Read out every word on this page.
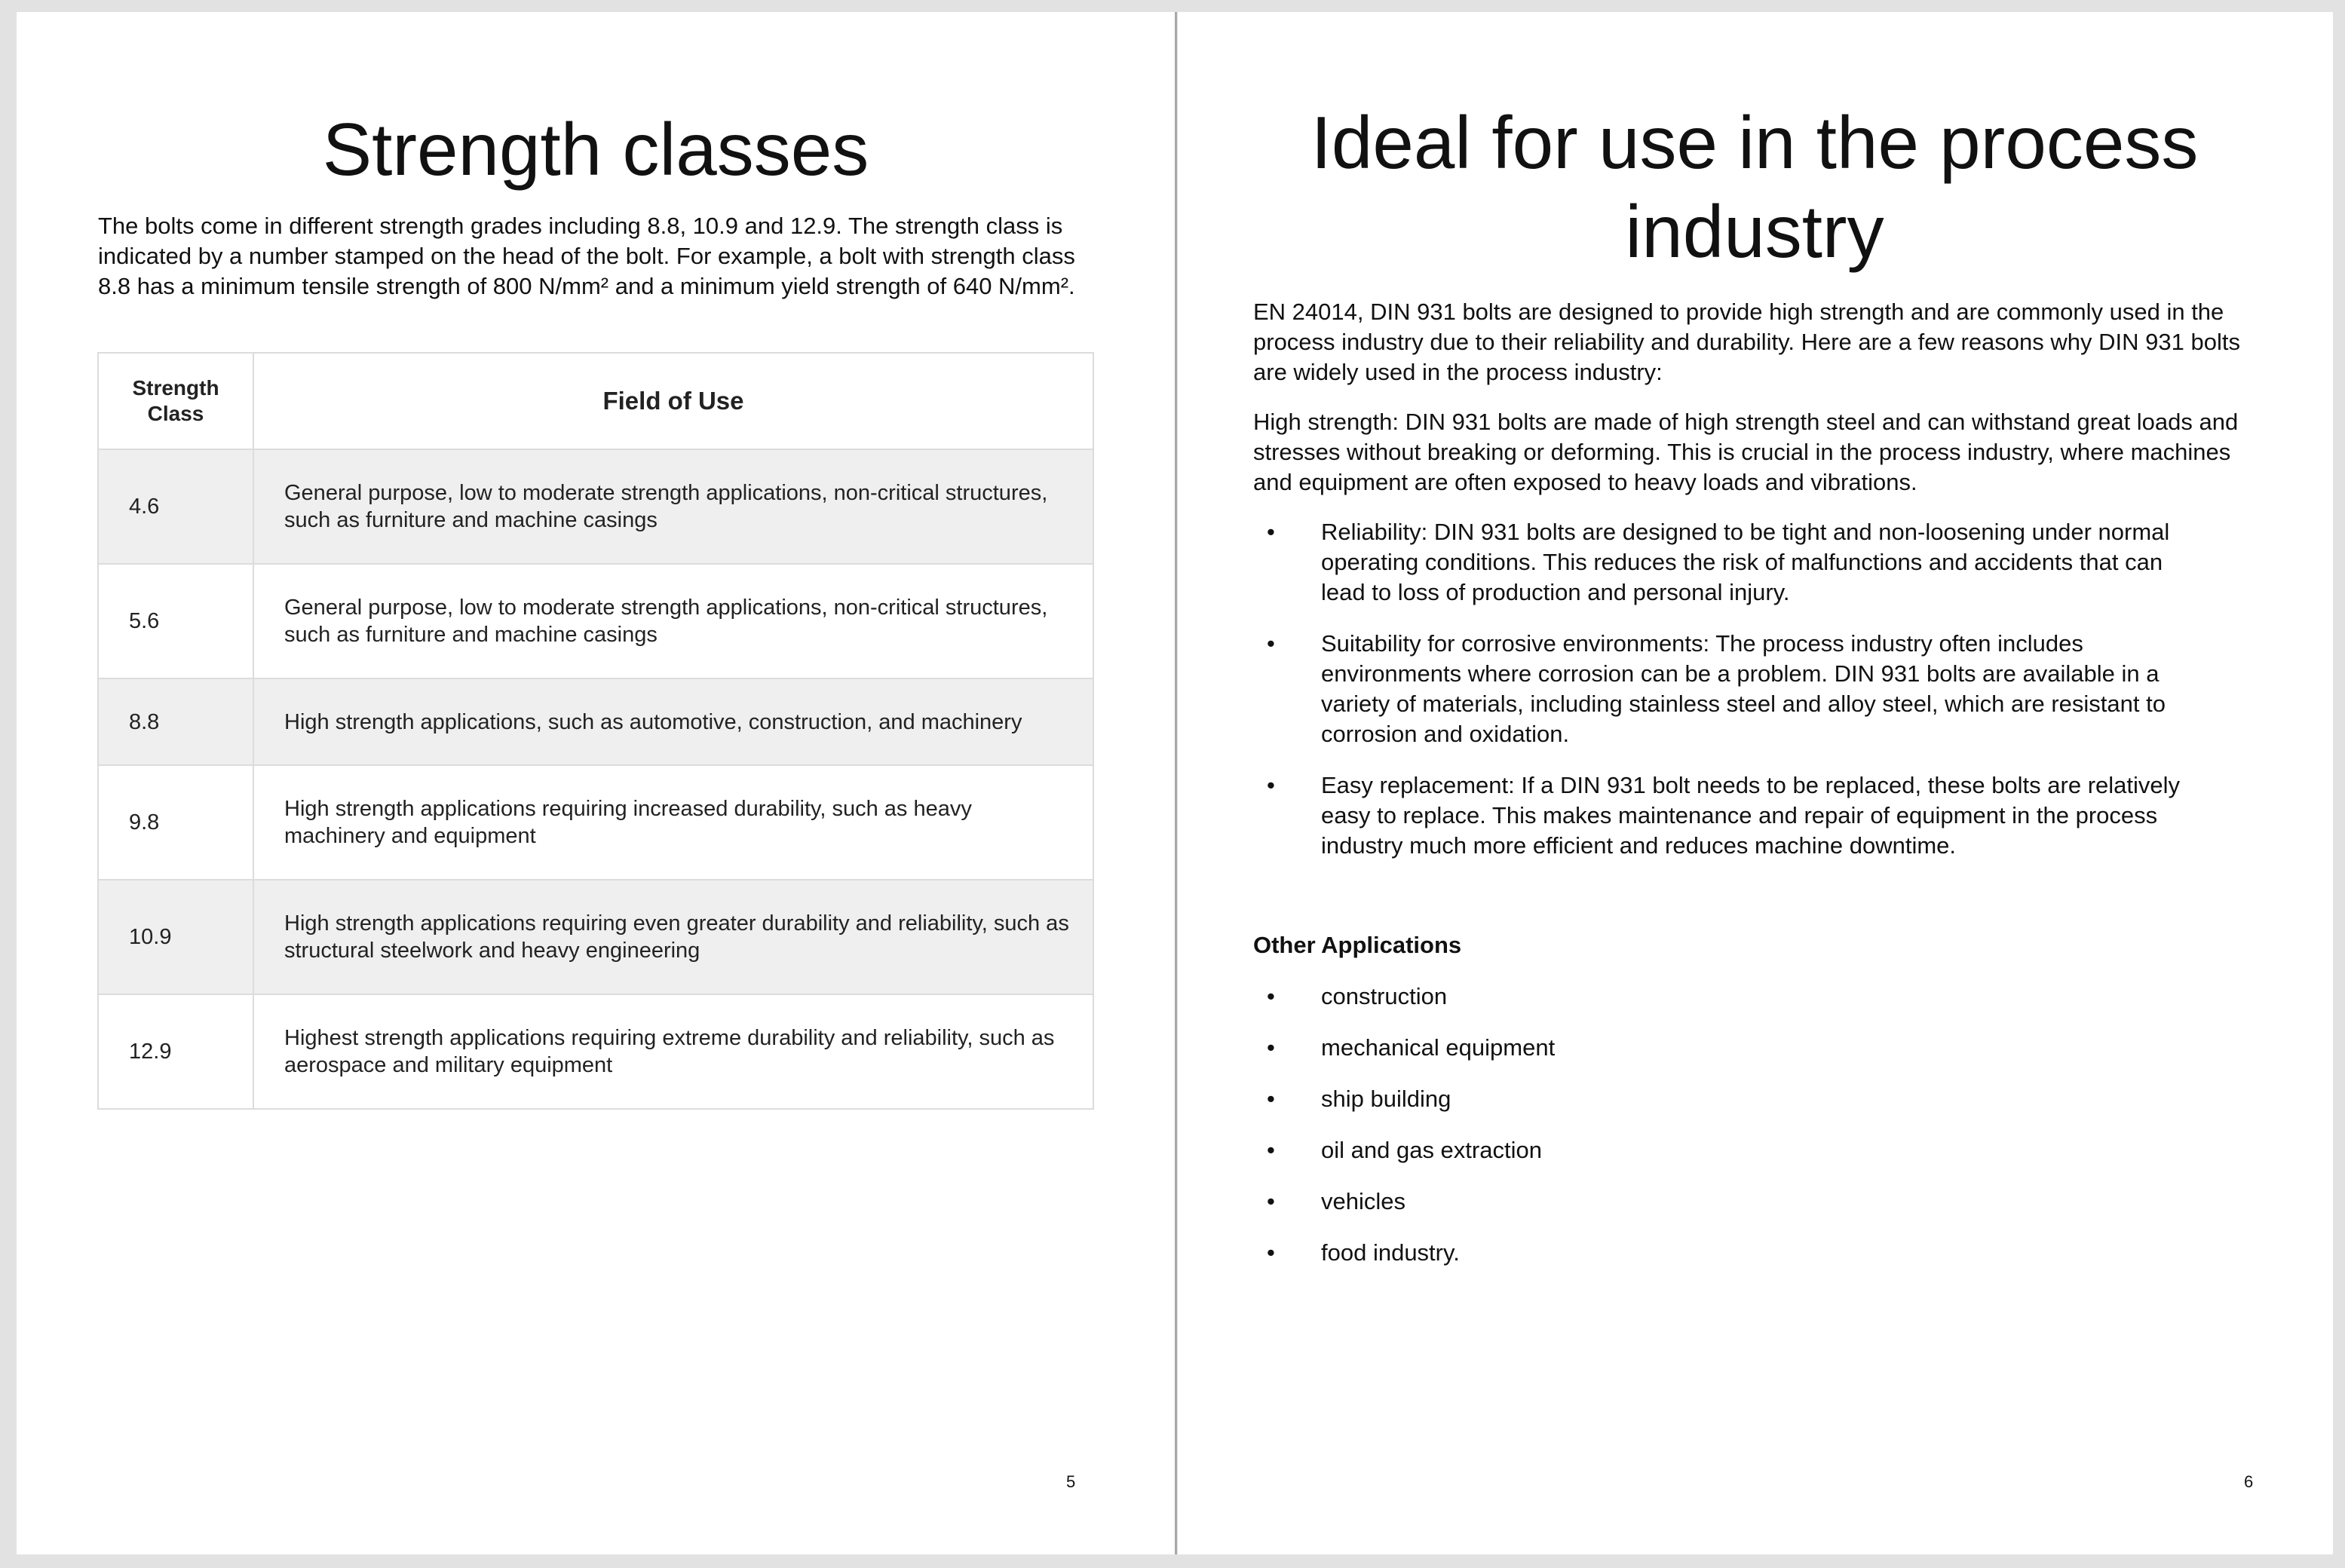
Strength classes

The bolts come in different strength grades including 8.8, 10.9 and 12.9. The strength class is indicated by a number stamped on the head of the bolt. For example, a bolt with strength class 8.8 has a minimum tensile strength of 800 N/mm² and a minimum yield strength of 640 N/mm².

Strength
Class	Field of Use
4.6	General purpose, low to moderate strength applications, non-critical structures, such as furniture and machine casings
5.6	General purpose, low to moderate strength applications, non-critical structures, such as furniture and machine casings
8.8	High strength applications, such as automotive, construction, and machinery
9.8	High strength applications requiring increased durability, such as heavy machinery and equipment
10.9	High strength applications requiring even greater durability and reliability, such as structural steelwork and heavy engineering
12.9	Highest strength applications requiring extreme durability and reliability, such as aerospace and military equipment
Ideal for use in the process industry

EN 24014, DIN 931 bolts are designed to provide high strength and are commonly used in the process industry due to their reliability and durability. Here are a few reasons why DIN 931 bolts are widely used in the process industry:

High strength: DIN 931 bolts are made of high strength steel and can withstand great loads and stresses without breaking or deforming. This is crucial in the process industry, where machines and equipment are often exposed to heavy loads and vibrations.

• Reliability: DIN 931 bolts are designed to be tight and non-loosening under normal operating conditions. This reduces the risk of malfunctions and accidents that can lead to loss of production and personal injury.
• Suitability for corrosive environments: The process industry often includes environments where corrosion can be a problem. DIN 931 bolts are available in a variety of materials, including stainless steel and alloy steel, which are resistant to corrosion and oxidation.
• Easy replacement: If a DIN 931 bolt needs to be replaced, these bolts are relatively easy to replace. This makes maintenance and repair of equipment in the process industry much more efficient and reduces machine downtime.

Other Applications

• construction
• mechanical equipment
• ship building
• oil and gas extraction
• vehicles
• food industry.
5	6
